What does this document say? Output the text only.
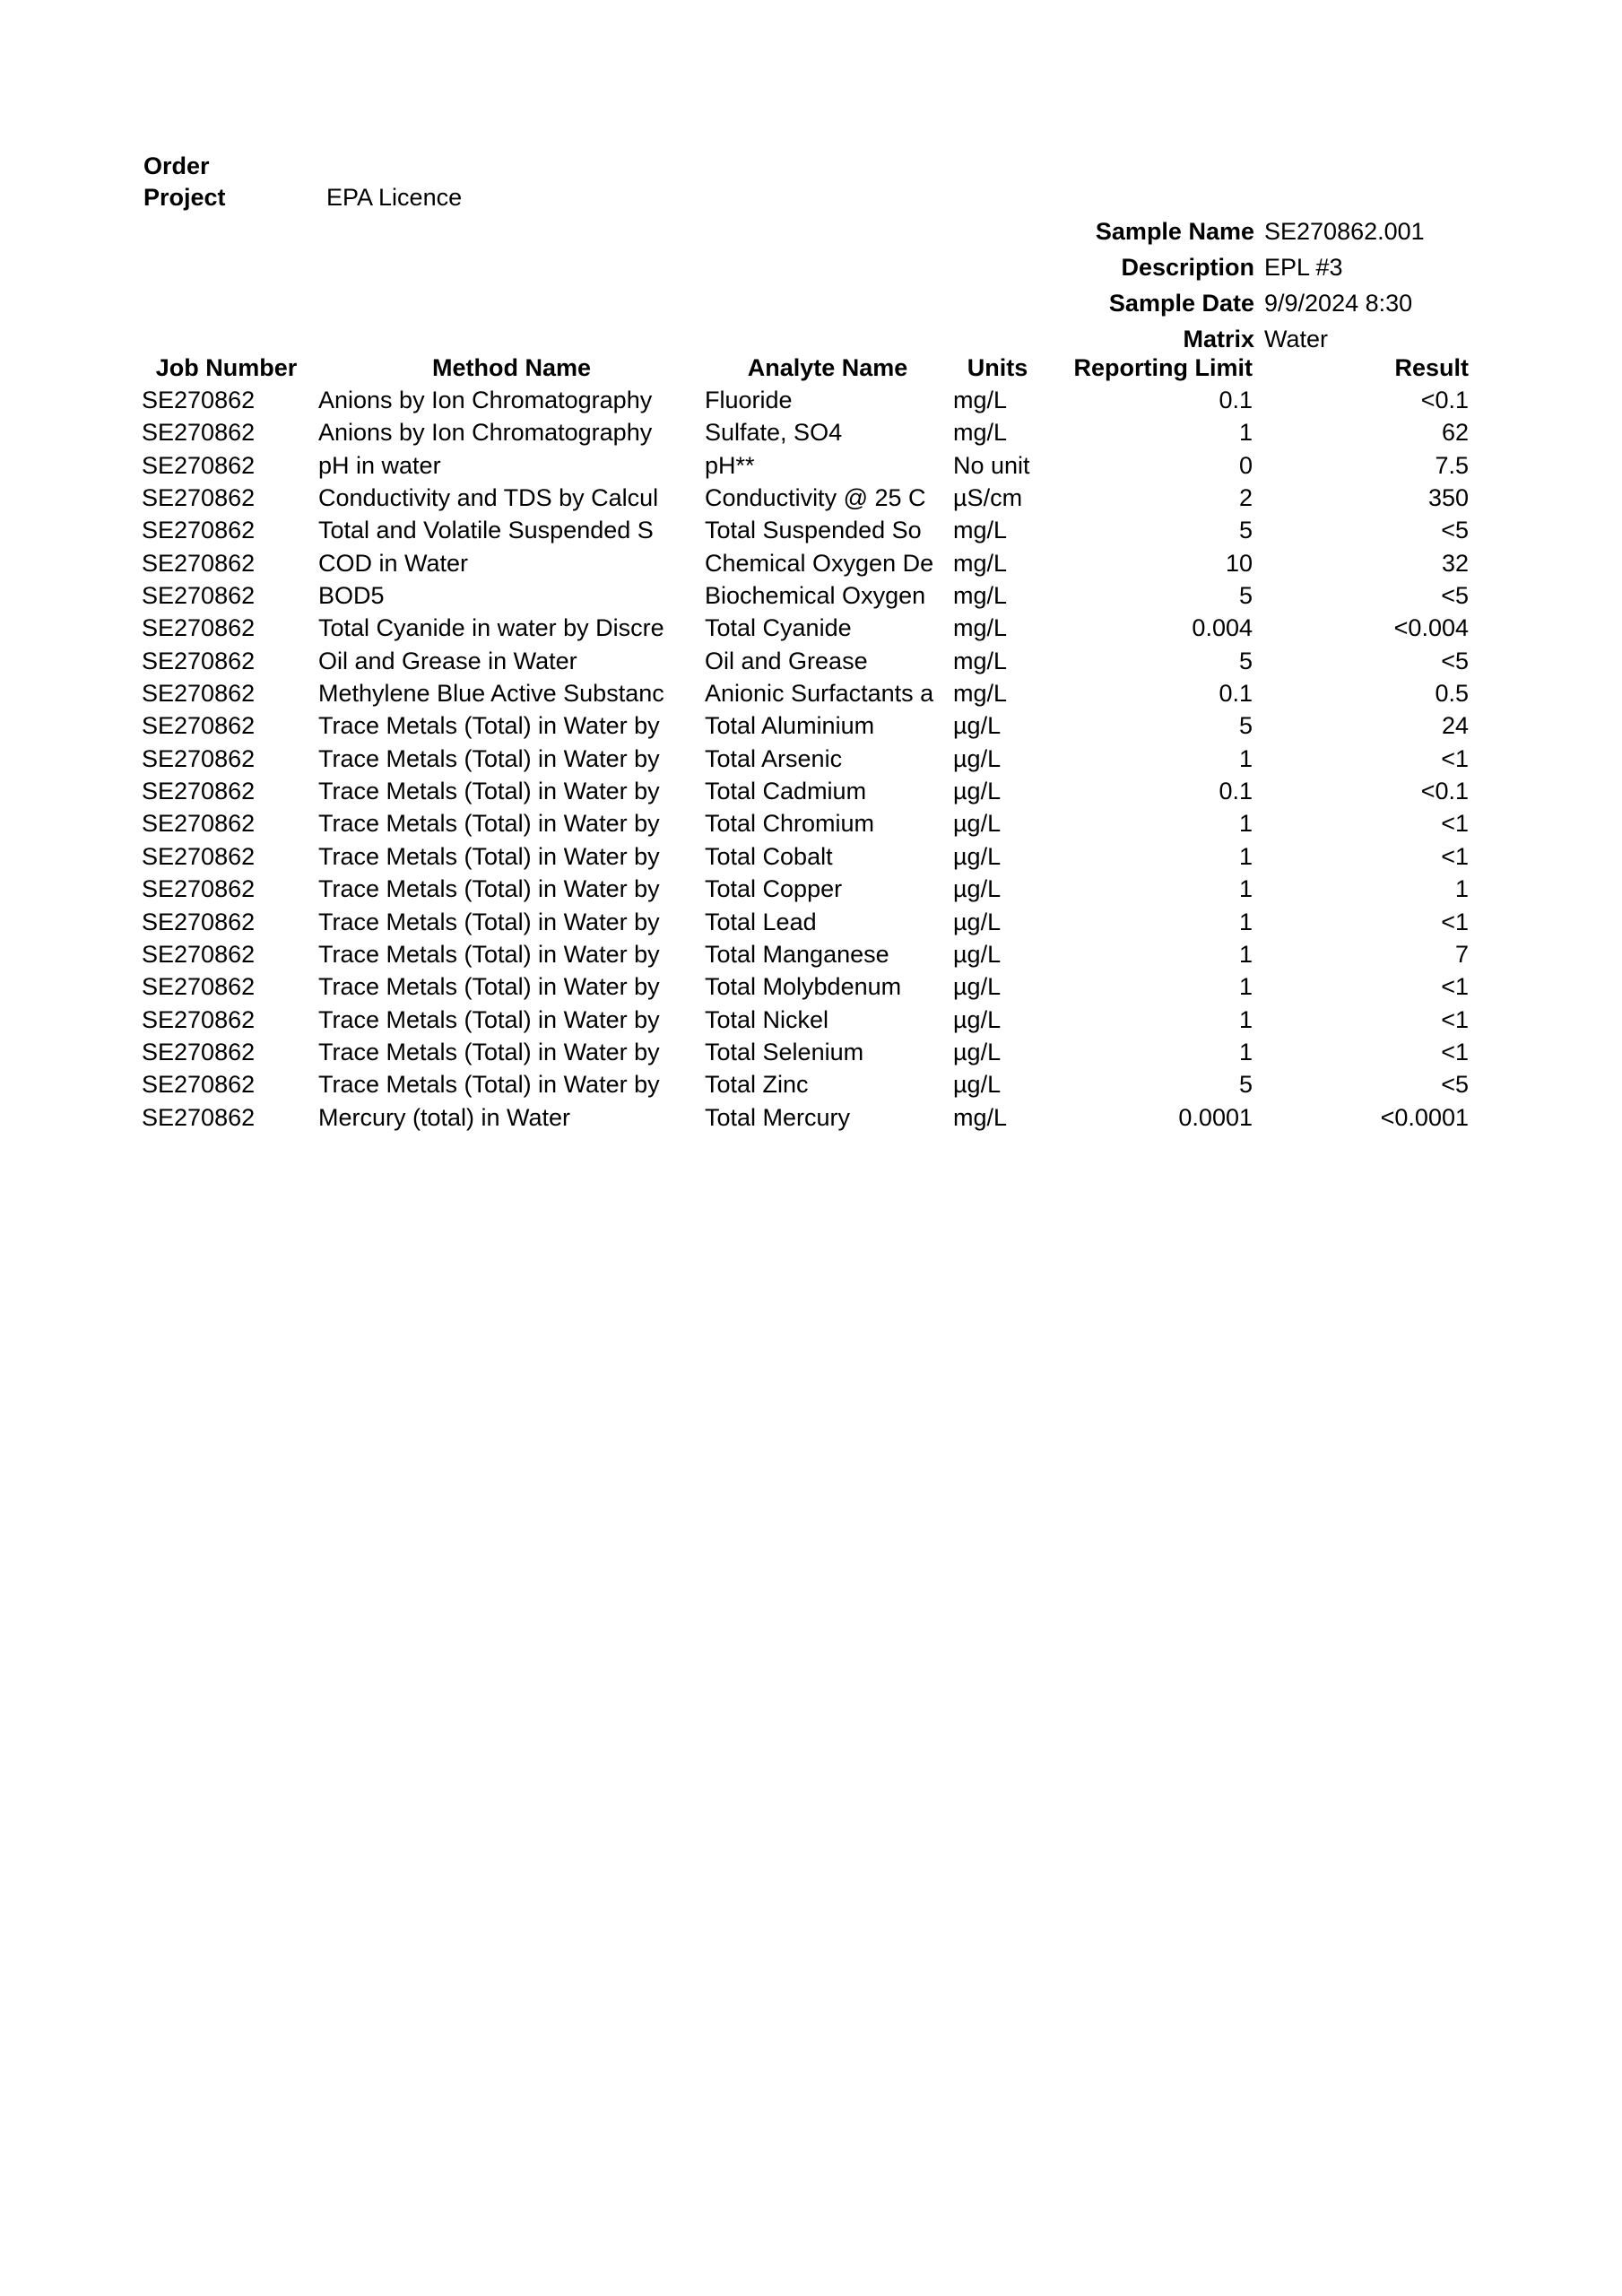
Order
Project	EPA Licence
Sample Name SE270862.001
Description EPL #3
Sample Date 9/9/2024 8:30
Matrix Water
Job Number	Method Name	Analyte Name	Units	Reporting Limit	Result
SE270862	Anions by Ion Chromatography	Fluoride	mg/L	0.1	<0.1
SE270862	Anions by Ion Chromatography	Sulfate, SO4	mg/L	1	62
SE270862	pH in water	pH**	No unit	0	7.5
SE270862	Conductivity and TDS by Calcul	Conductivity @ 25 C	µS/cm	2	350
SE270862	Total and Volatile Suspended S	Total Suspended So	mg/L	5	<5
SE270862	COD in Water	Chemical Oxygen De	mg/L	10	32
SE270862	BOD5	Biochemical Oxygen	mg/L	5	<5
SE270862	Total Cyanide in water by Discre	Total Cyanide	mg/L	0.004	<0.004
SE270862	Oil and Grease in Water	Oil and Grease	mg/L	5	<5
SE270862	Methylene Blue Active Substanc	Anionic Surfactants a	mg/L	0.1	0.5
SE270862	Trace Metals (Total) in Water by	Total Aluminium	µg/L	5	24
SE270862	Trace Metals (Total) in Water by	Total Arsenic	µg/L	1	<1
SE270862	Trace Metals (Total) in Water by	Total Cadmium	µg/L	0.1	<0.1
SE270862	Trace Metals (Total) in Water by	Total Chromium	µg/L	1	<1
SE270862	Trace Metals (Total) in Water by	Total Cobalt	µg/L	1	<1
SE270862	Trace Metals (Total) in Water by	Total Copper	µg/L	1	1
SE270862	Trace Metals (Total) in Water by	Total Lead	µg/L	1	<1
SE270862	Trace Metals (Total) in Water by	Total Manganese	µg/L	1	7
SE270862	Trace Metals (Total) in Water by	Total Molybdenum	µg/L	1	<1
SE270862	Trace Metals (Total) in Water by	Total Nickel	µg/L	1	<1
SE270862	Trace Metals (Total) in Water by	Total Selenium	µg/L	1	<1
SE270862	Trace Metals (Total) in Water by	Total Zinc	µg/L	5	<5
SE270862	Mercury (total) in Water	Total Mercury	mg/L	0.0001	<0.0001
